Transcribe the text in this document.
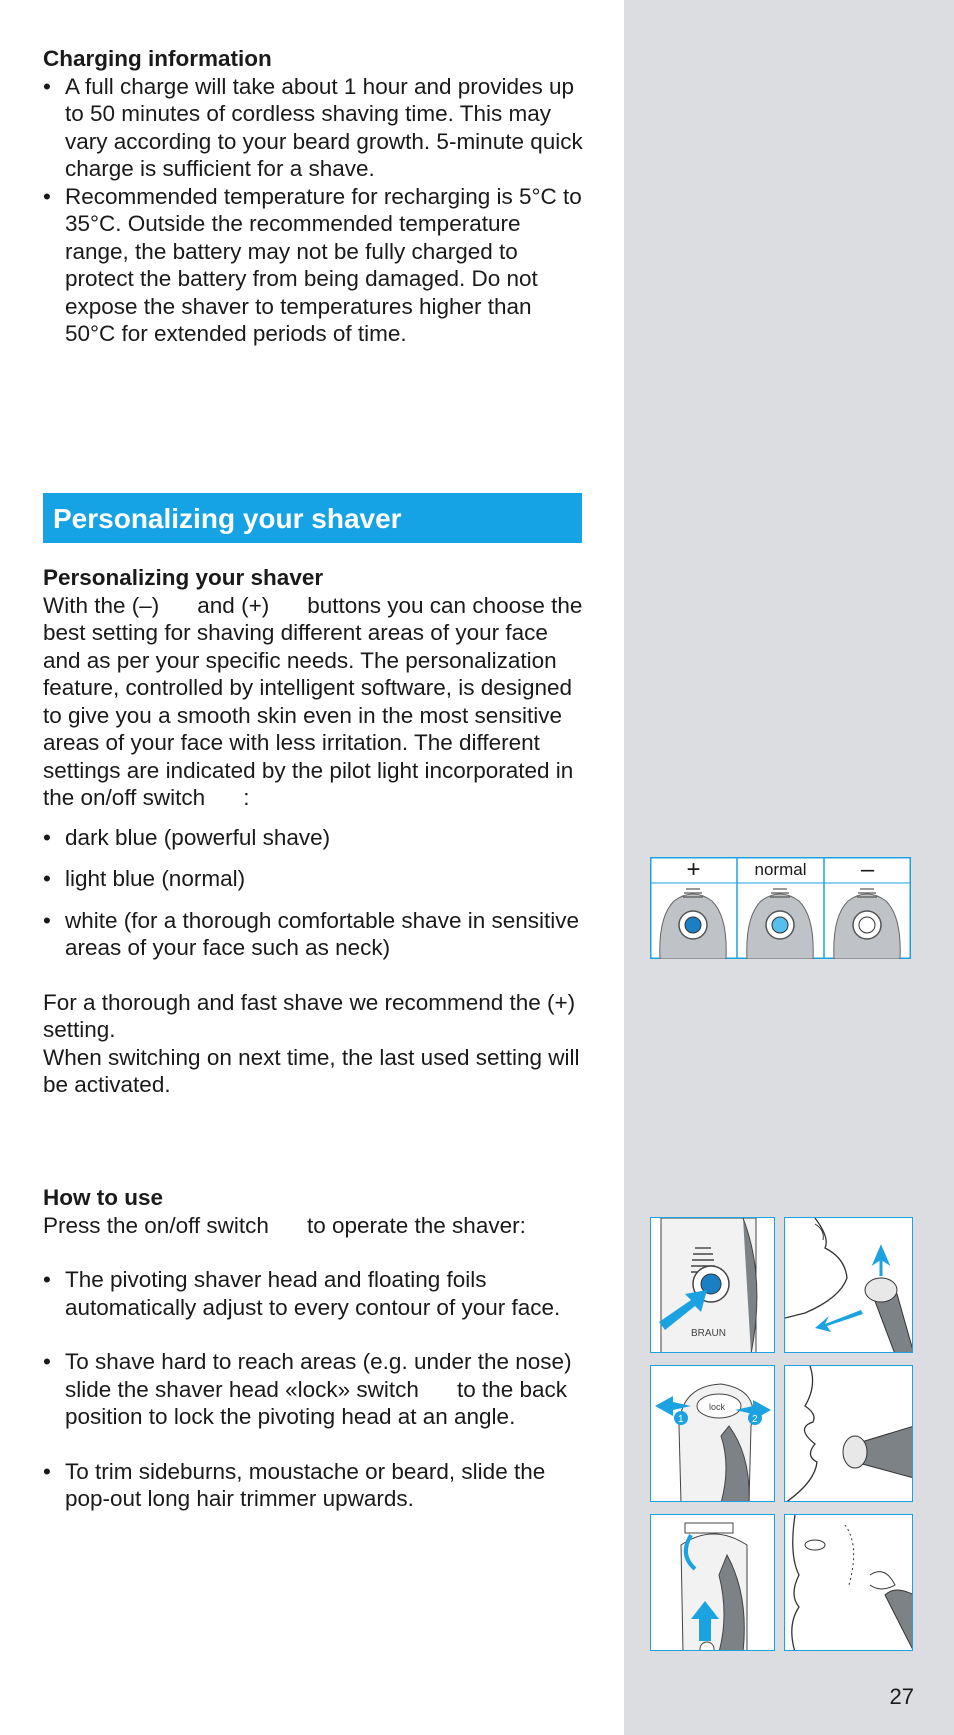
Charging information

• A full charge will take about 1 hour and provides up to 50 minutes of cordless shaving time. This may vary according to your beard growth. 5-minute quick charge is sufficient for a shave.
• Recommended temperature for recharging is 5°C to 35°C. Outside the recommended temperature range, the battery may not be fully charged to protect the battery from being damaged. Do not expose the shaver to temperatures higher than 50°C for extended periods of time.
Personalizing your shaver

Personalizing your shaver

With the (–) and (+) buttons you can choose the best setting for shaving different areas of your face and as per your specific needs. The personalization feature, controlled by intelligent software, is designed to give you a smooth skin even in the most sensitive areas of your face with less irritation. The different settings are indicated by the pilot light incorporated in the on/off switch :

• dark blue (powerful shave)
• light blue (normal)
• white (for a thorough comfortable shave in sensitive areas of your face such as neck)

For a thorough and fast shave we recommend the (+) setting.

When switching on next time, the last used setting will be activated.

How to use

Press the on/off switch to operate the shaver:

• The pivoting shaver head and floating foils automatically adjust to every contour of your face.
• To shave hard to reach areas (e.g. under the nose) slide the shaver head «lock» switch to the back position to lock the pivoting head at an angle.
• To trim sideburns, moustache or beard, slide the pop-out long hair trimmer upwards.
+	normal	–
BRAUN
lock
1	2
27
